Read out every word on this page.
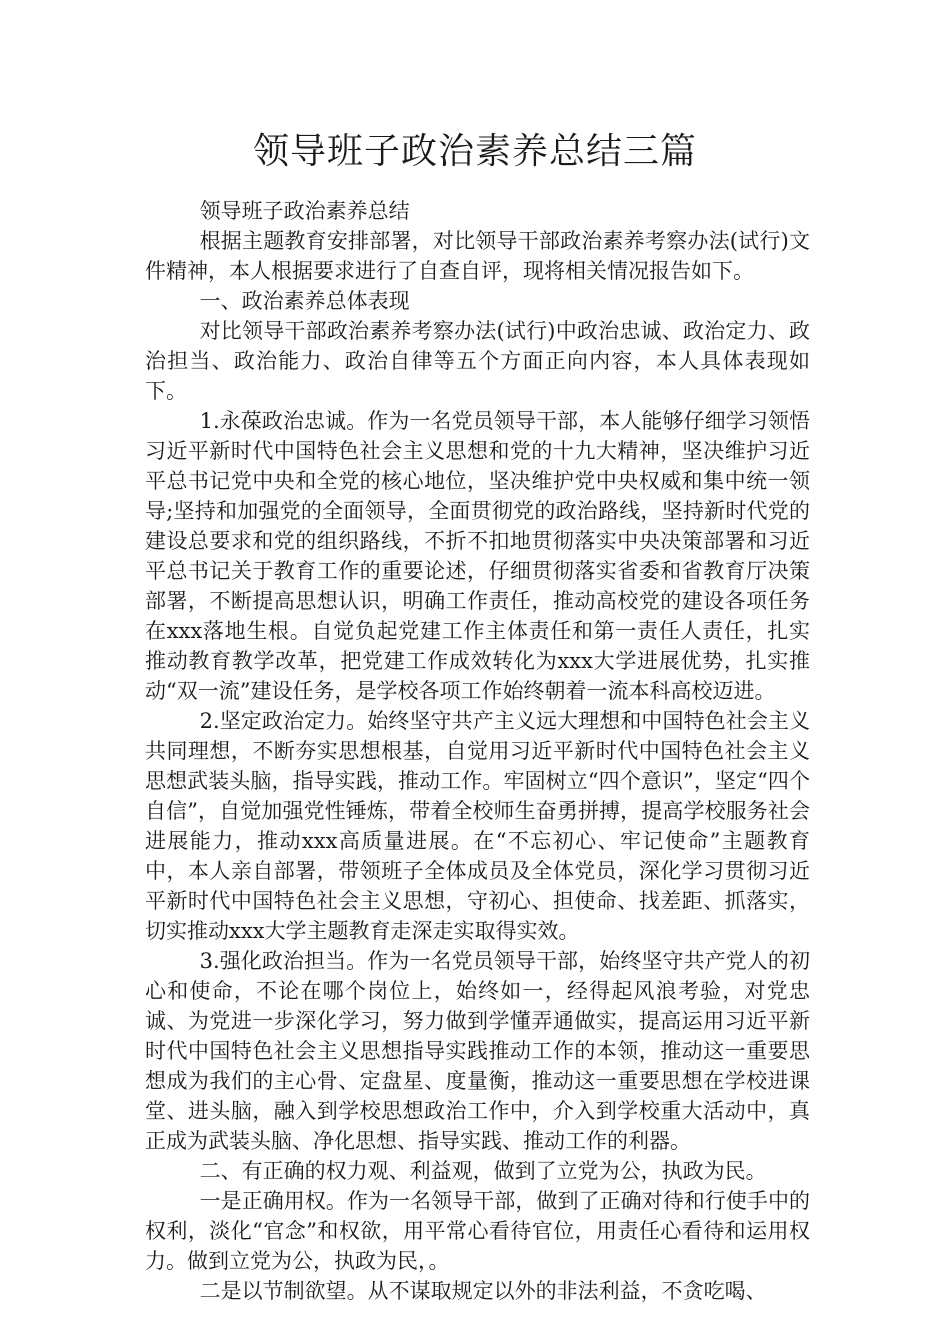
领导班子政治素养总结三篇

领导班子政治素养总结

根据主题教育安排部署，对比领导干部政治素养考察办法(试行)文件精神，本人根据要求进行了自查自评，现将相关情况报告如下。

一、政治素养总体表现

对比领导干部政治素养考察办法(试行)中政治忠诚、政治定力、政治担当、政治能力、政治自律等五个方面正向内容，本人具体表现如下。

1.永葆政治忠诚。作为一名党员领导干部，本人能够仔细学习领悟习近平新时代中国特色社会主义思想和党的十九大精神，坚决维护习近平总书记党中央和全党的核心地位，坚决维护党中央权威和集中统一领导;坚持和加强党的全面领导，全面贯彻党的政治路线，坚持新时代党的建设总要求和党的组织路线，不折不扣地贯彻落实中央决策部署和习近平总书记关于教育工作的重要论述，仔细贯彻落实省委和省教育厅决策部署，不断提高思想认识，明确工作责任，推动高校党的建设各项任务在xxx落地生根。自觉负起党建工作主体责任和第一责任人责任，扎实推动教育教学改革，把党建工作成效转化为xxx大学进展优势，扎实推动“双一流”建设任务，是学校各项工作始终朝着一流本科高校迈进。

2.坚定政治定力。始终坚守共产主义远大理想和中国特色社会主义共同理想，不断夯实思想根基，自觉用习近平新时代中国特色社会主义思想武装头脑，指导实践，推动工作。牢固树立“四个意识”，坚定“四个自信”，自觉加强党性锤炼，带着全校师生奋勇拼搏，提高学校服务社会进展能力，推动xxx高质量进展。在“不忘初心、牢记使命”主题教育中，本人亲自部署，带领班子全体成员及全体党员，深化学习贯彻习近平新时代中国特色社会主义思想，守初心、担使命、找差距、抓落实，切实推动xxx大学主题教育走深走实取得实效。

3.强化政治担当。作为一名党员领导干部，始终坚守共产党人的初心和使命，不论在哪个岗位上，始终如一，经得起风浪考验，对党忠诚、为党进一步深化学习，努力做到学懂弄通做实，提高运用习近平新时代中国特色社会主义思想指导实践推动工作的本领，推动这一重要思想成为我们的主心骨、定盘星、度量衡，推动这一重要思想在学校进课堂、进头脑，融入到学校思想政治工作中，介入到学校重大活动中，真正成为武装头脑、净化思想、指导实践、推动工作的利器。

二、有正确的权力观、利益观，做到了立党为公，执政为民。

一是正确用权。作为一名领导干部，做到了正确对待和行使手中的权利，淡化“官念”和权欲，用平常心看待官位，用责任心看待和运用权力。做到立党为公，执政为民，。

二是以节制欲望。从不谋取规定以外的非法利益，不贪吃喝、
